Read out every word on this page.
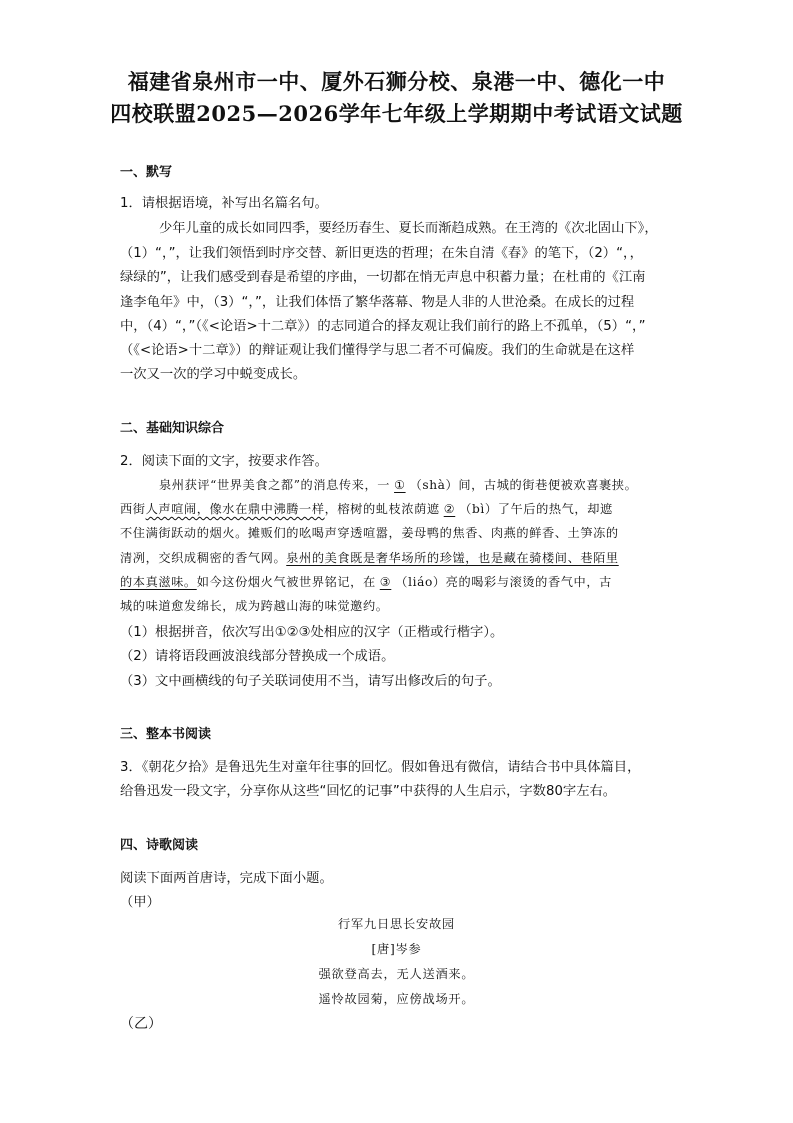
福建省泉州市一中、厦外石狮分校、泉港一中、德化一中
四校联盟2025—2026学年七年级上学期期中考试语文试题
一、默写
1．请根据语境，补写出名篇名句。
少年儿童的成长如同四季，要经历春生、夏长而渐趋成熟。在王湾的《次北固山下》，
（1）“，”，让我们领悟到时序交替、新旧更迭的哲理；在朱自清《春》的笔下，（2）“，，
绿绿的”，让我们感受到春是希望的序曲，一切都在悄无声息中积蓄力量；在杜甫的《江南
逢李龟年》中，（3）“，”，让我们体悟了繁华落幕、物是人非的人世沧桑。在成长的过程
中，（4）“，”（《<论语>十二章》）的志同道合的择友观让我们前行的路上不孤单，（5）“，”
（《<论语>十二章》）的辩证观让我们懂得学与思二者不可偏废。我们的生命就是在这样
一次又一次的学习中蜕变成长。
二、基础知识综合
2．阅读下面的文字，按要求作答。
泉州获评“世界美食之都”的消息传来，一 ① （shà）间，古城的街巷便被欢喜裹挟。
西街人声喧闹，像水在鼎中沸腾一样，榕树的虬枝浓荫遮 ② （bì）了午后的热气，却遮
不住满街跃动的烟火。摊贩们的吆喝声穿透喧嚣，姜母鸭的焦香、肉燕的鲜香、土笋冻的
清冽，交织成稠密的香气网。泉州的美食既是奢华场所的珍馐，也是藏在骑楼间、巷陌里
的本真滋味。如今这份烟火气被世界铭记，在 ③ （liáo）亮的喝彩与滚烫的香气中，古
城的味道愈发绵长，成为跨越山海的味觉邀约。
（1）根据拼音，依次写出①②③处相应的汉字（正楷或行楷字）。
（2）请将语段画波浪线部分替换成一个成语。
（3）文中画横线的句子关联词使用不当，请写出修改后的句子。
三、整本书阅读
3．《朝花夕拾》是鲁迅先生对童年往事的回忆。假如鲁迅有微信，请结合书中具体篇目，
给鲁迅发一段文字，分享你从这些“回忆的记事”中获得的人生启示，字数80字左右。
四、诗歌阅读
阅读下面两首唐诗，完成下面小题。
（甲）
行军九日思长安故园
[唐]岑参
强欲登高去，无人送酒来。
遥怜故园菊，应傍战场开。
（乙）
